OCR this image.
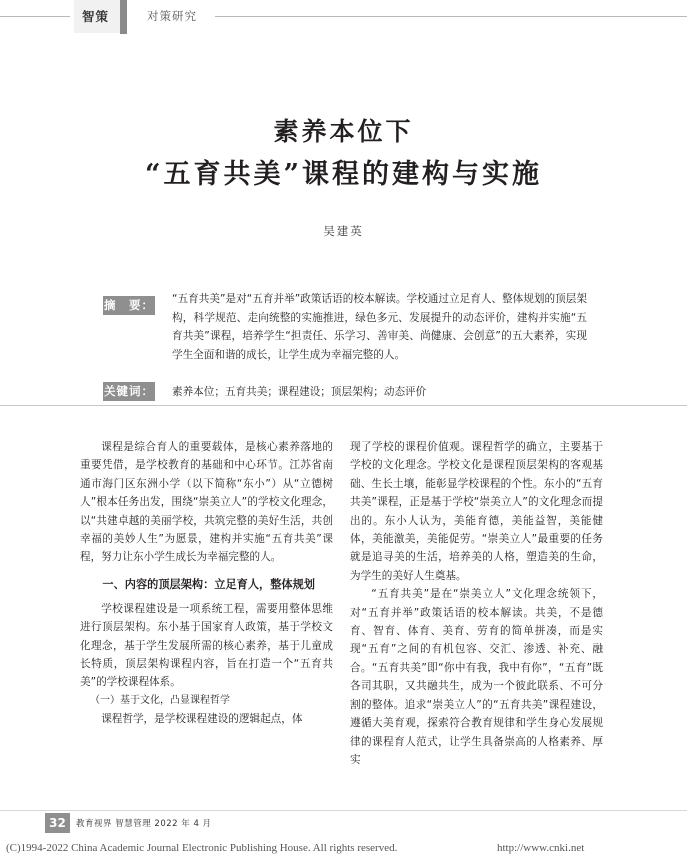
智策	对策研究
素养本位下
“五育共美”课程的建构与实施
吴建英
摘　要： “五育共美”是对“五育并举”政策话语的校本解读。学校通过立足育人、整体规划的顶层架构，科学规范、走向统整的实施推进，绿色多元、发展提升的动态评价，建构并实施“五育共美”课程，培养学生“担责任、乐学习、善审美、尚健康、会创意”的五大素养，实现学生全面和谐的成长，让学生成为幸福完整的人。
关键词： 素养本位；五育共美；课程建设；顶层架构；动态评价

课程是综合育人的重要载体，是核心素养落地的重要凭借，是学校教育的基础和中心环节。江苏省南通市海门区东洲小学（以下简称“东小”）从“立德树人”根本任务出发，围绕“崇美立人”的学校文化理念，以“共建卓越的美丽学校，共筑完整的美好生活，共创幸福的美妙人生”为愿景，建构并实施“五育共美”课程，努力让东小学生成长为幸福完整的人。

一、内容的顶层架构：立足育人，整体规划

学校课程建设是一项系统工程，需要用整体思维进行顶层架构。东小基于国家育人政策，基于学校文化理念，基于学生发展所需的核心素养，基于儿童成长特质，顶层架构课程内容，旨在打造一个“五育共美”的学校课程体系。

（一）基于文化，凸显课程哲学

课程哲学，是学校课程建设的逻辑起点，体

现了学校的课程价值观。课程哲学的确立，主要基于学校的文化理念。学校文化是课程顶层架构的客观基础、生长土壤，能彰显学校课程的个性。东小的“五育共美”课程，正是基于学校“崇美立人”的文化理念而提出的。东小人认为，美能育德，美能益智，美能健体，美能激美，美能促劳。“崇美立人”最重要的任务就是追寻美的生活，培养美的人格，塑造美的生命，为学生的美好人生奠基。

“五育共美”是在“崇美立人”文化理念统领下，对“五育并举”政策话语的校本解读。共美，不是德育、智育、体育、美育、劳育的简单拼凑，而是实现“五育”之间的有机包容、交汇、渗透、补充、融合。“五育共美”即“你中有我，我中有你”，“五育”既各司其职，又共融共生，成为一个彼此联系、不可分割的整体。追求“崇美立人”的“五育共美”课程建设，遵循大美育观，探索符合教育规律和学生身心发展规律的课程育人范式，让学生具备崇高的人格素养、厚实

32	教育视界 智慧管理 2022 年 4 月
(C)1994-2022 China Academic Journal Electronic Publishing House. All rights reserved.	http://www.cnki.net
